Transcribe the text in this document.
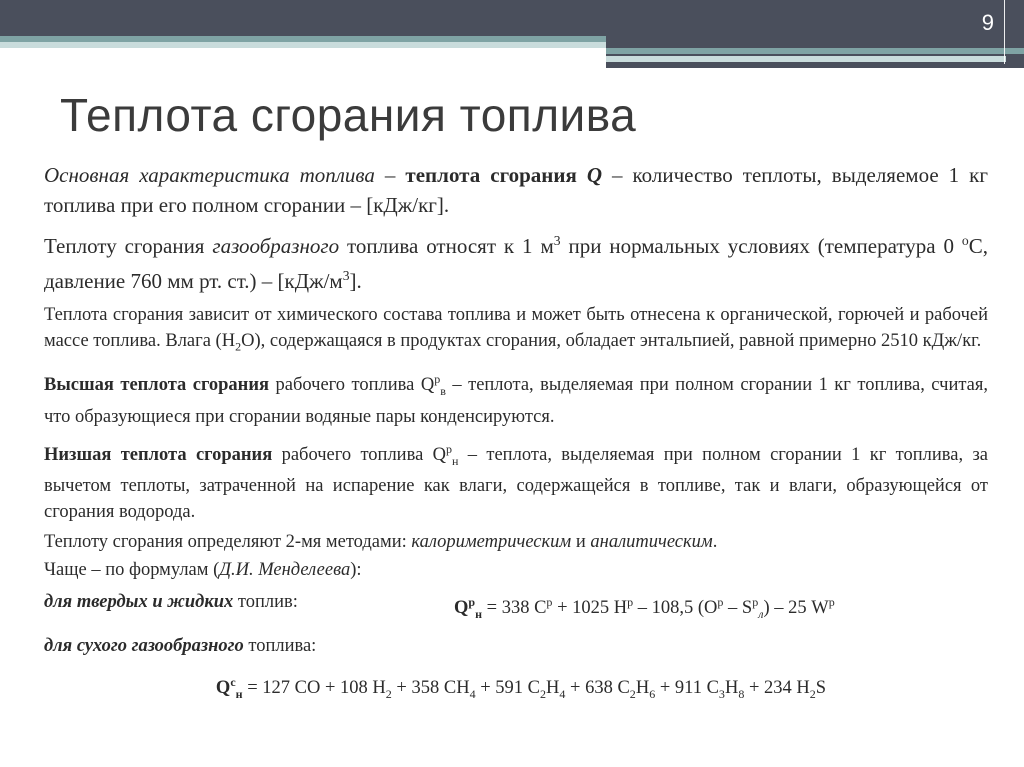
9
Теплота сгорания топлива

Основная характеристика топлива – теплота сгорания Q – количество теплоты, выделяемое 1 кг топлива при его полном сгорании – [кДж/кг].

Теплоту сгорания газообразного топлива относят к 1 $м^3$ при нормальных условиях (температура 0 $^о$С, давление 760 мм рт. $ст.) - [кДж/м^3]$.

Теплота сгорания зависит от химического состава топлива и может быть отнесена к органической, горючей и рабочей массе топлива. Влага $(H_2O)$, содержащаяся в продуктах сгорания, обладает энтальпией, равной примерно 2510 кДж/кг.

Высшая теплота сгорания рабочего топлива $Q^р_в$ – теплота, выделяемая при полном сгорании 1 кг топлива, считая, что образующиеся при сгорании водяные пары конденсируются.

Низшая теплота сгорания рабочего топлива $Q^р_н$ – теплота, выделяемая при полном сгорании 1 кг топлива, за вычетом теплоты, затраченной на испарение как влаги, содержащейся в топливе, так и влаги, образующейся от сгорания водорода.

Теплоту сгорания определяют 2-мя методами: калориметрическим и аналитическим.

Чаще – по формулам (Д.И. Менделеева):

для твердых и жидких топлив:	$Q^р_н = 338$ $C^р + 1025$ $H^р - 108,5$ $(O^р - S^р_л) - 25$ $W^р$
для сухого газообразного топлива:
$Q^с_н = 127$ CO + 108 $H_2 + 358$ $CH_4 + 591$ $C_2H_4 + 638$ $C_2H_6 + 911$ $C_3H_8 + 234$ $H_2S$
